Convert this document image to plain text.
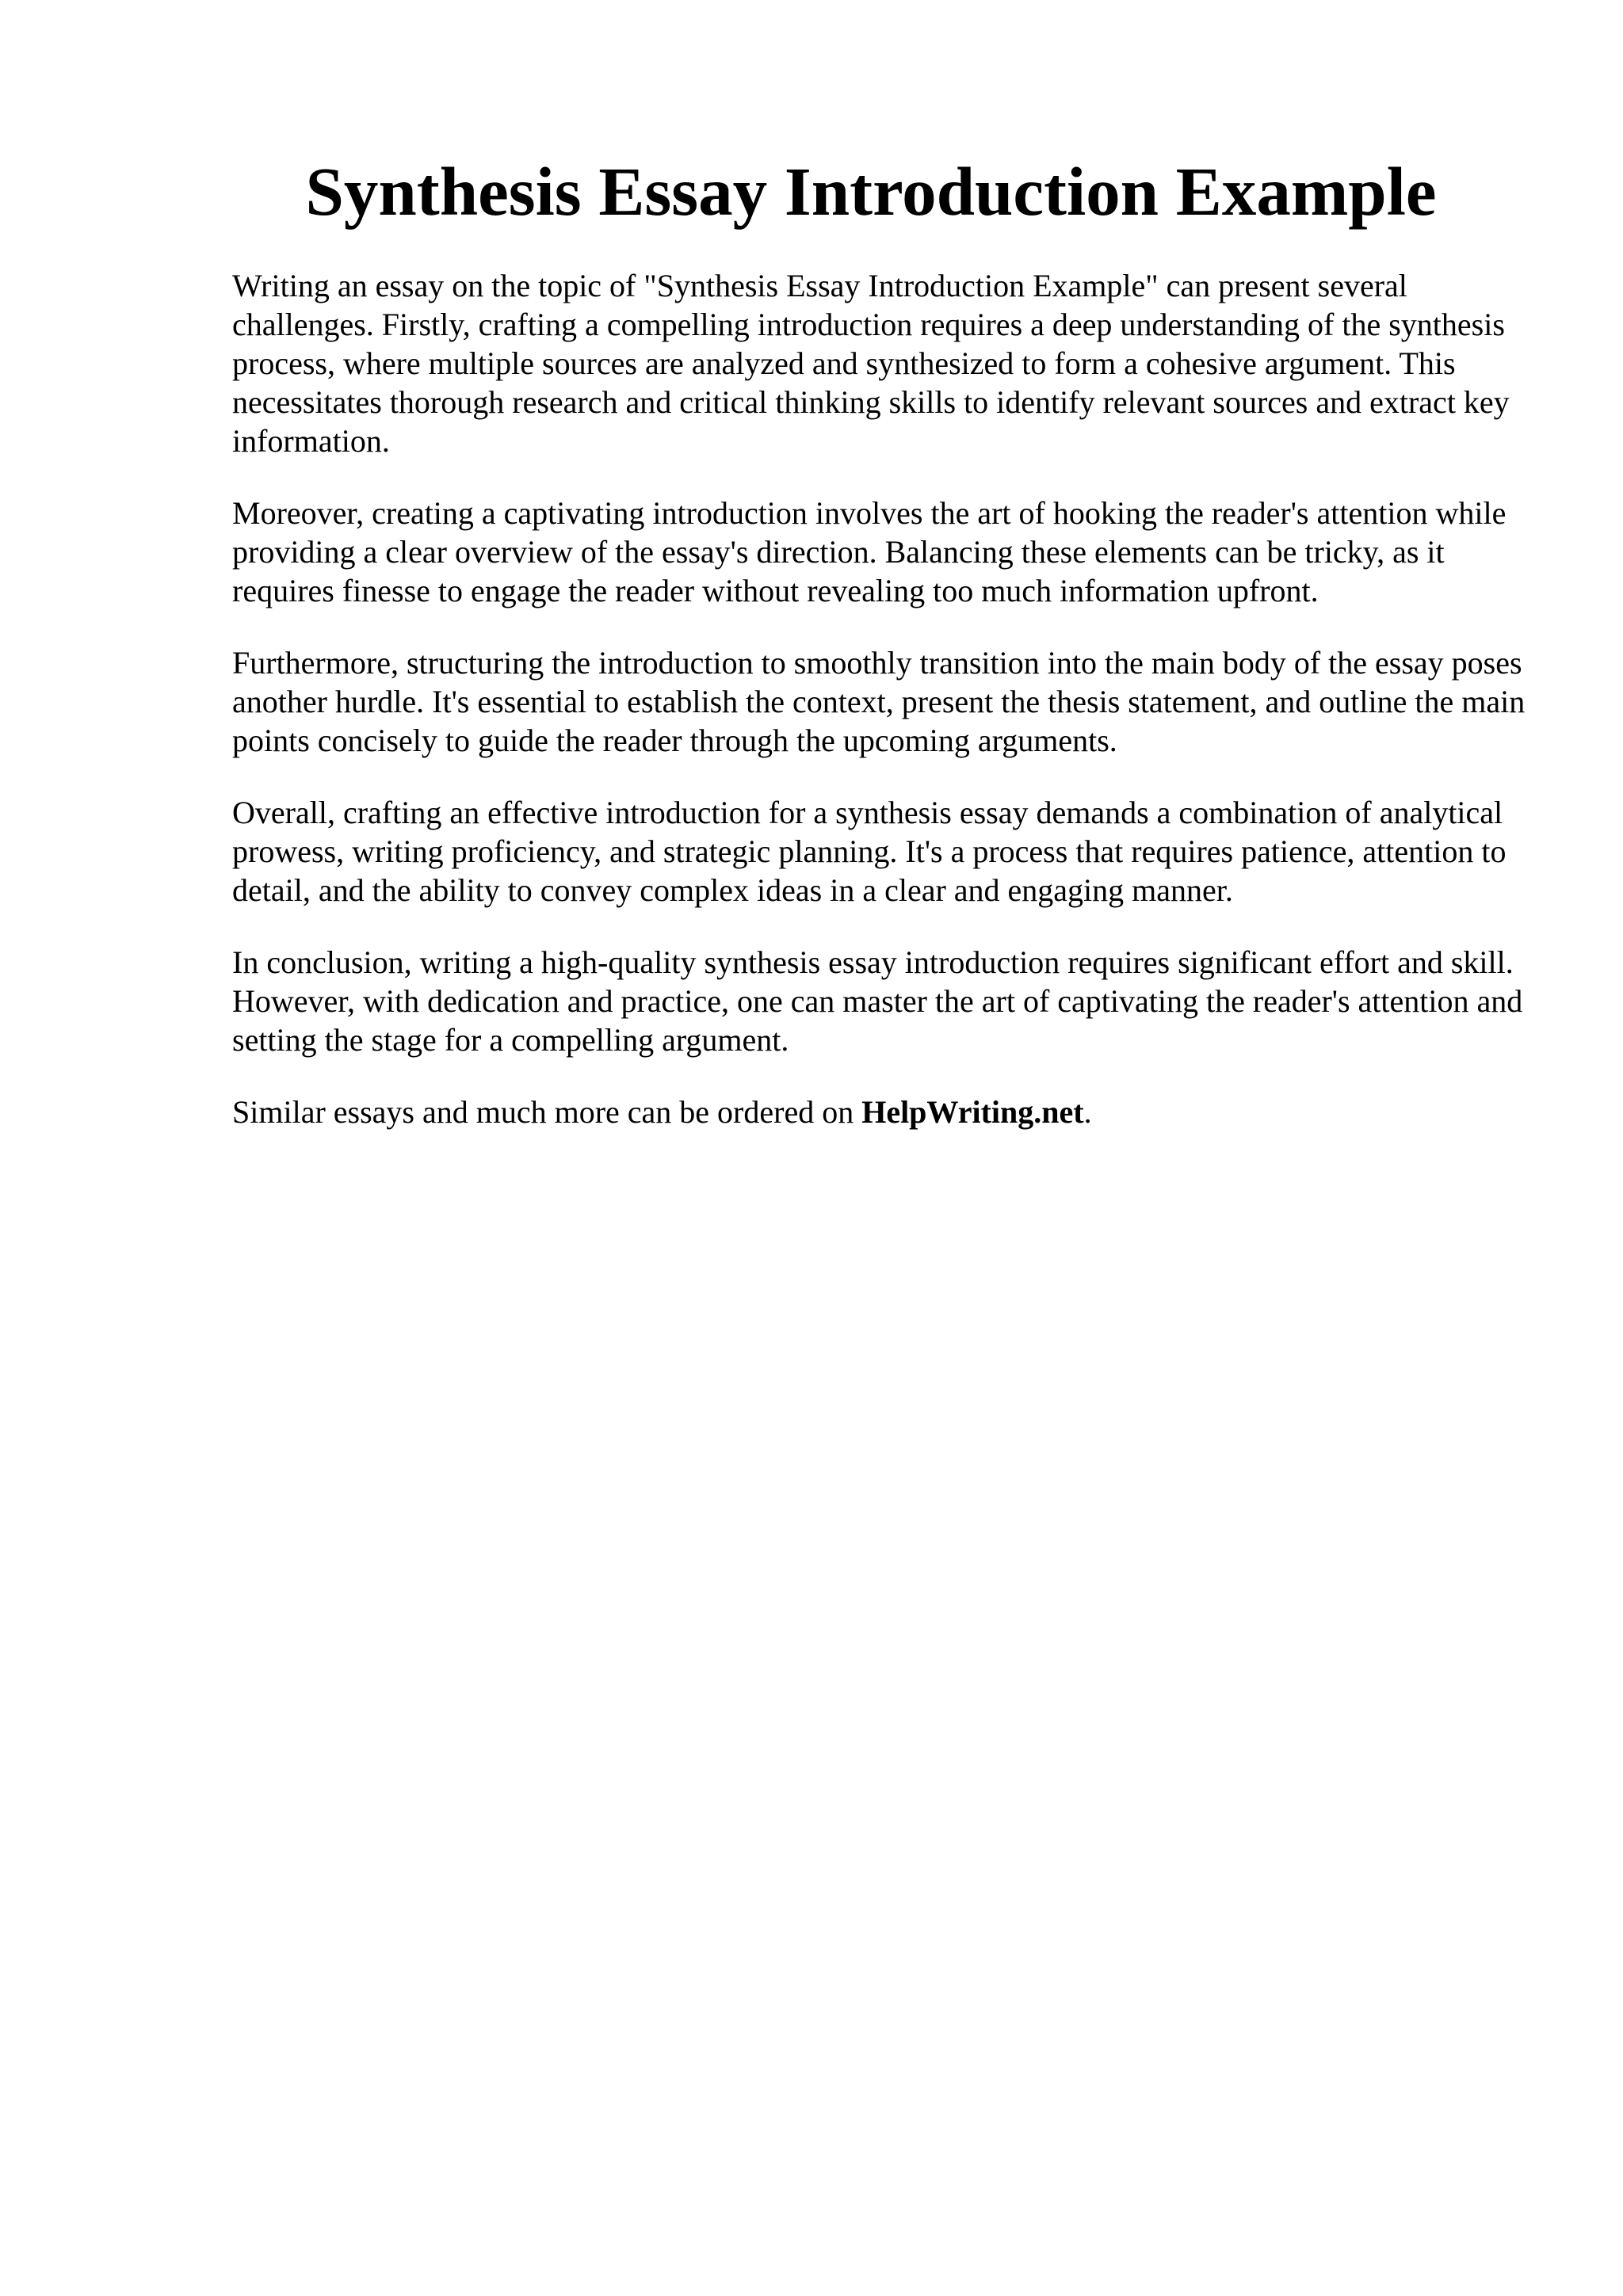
Synthesis Essay Introduction Example

Writing an essay on the topic of "Synthesis Essay Introduction Example" can present several challenges. Firstly, crafting a compelling introduction requires a deep understanding of the synthesis process, where multiple sources are analyzed and synthesized to form a cohesive argument. This necessitates thorough research and critical thinking skills to identify relevant sources and extract key information.

Moreover, creating a captivating introduction involves the art of hooking the reader's attention while providing a clear overview of the essay's direction. Balancing these elements can be tricky, as it requires finesse to engage the reader without revealing too much information upfront.

Furthermore, structuring the introduction to smoothly transition into the main body of the essay poses another hurdle. It's essential to establish the context, present the thesis statement, and outline the main points concisely to guide the reader through the upcoming arguments.

Overall, crafting an effective introduction for a synthesis essay demands a combination of analytical prowess, writing proficiency, and strategic planning. It's a process that requires patience, attention to detail, and the ability to convey complex ideas in a clear and engaging manner.

In conclusion, writing a high-quality synthesis essay introduction requires significant effort and skill. However, with dedication and practice, one can master the art of captivating the reader's attention and setting the stage for a compelling argument.

Similar essays and much more can be ordered on HelpWriting.net.
